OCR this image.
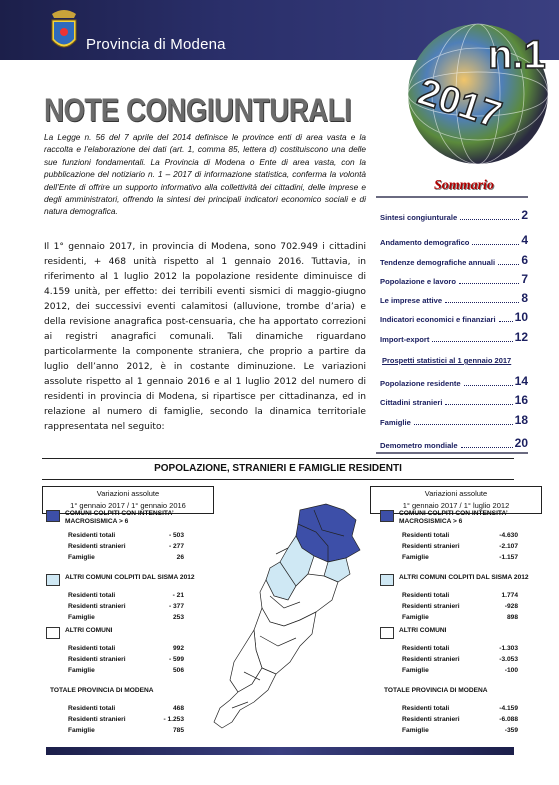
Provincia di Modena	n.1
2017
NOTE CONGIUNTURALI
La Legge n. 56 del 7 aprile del 2014 definisce le province enti di area vasta e la raccolta e l’elaborazione dei dati (art. 1, comma 85, lettera d) costituiscono una delle sue funzioni fondamentali. La Provincia di Modena o Ente di area vasta, con la pubblicazione del notiziario n. 1 – 2017 di informazione statistica, conferma la volontà dell’Ente di offrire un supporto informativo alla collettività dei cittadini, delle imprese e degli amministratori, offrendo la sintesi dei principali indicatori economico sociali e di natura demografica.
Il 1° gennaio 2017, in provincia di Modena, sono 702.949 i cittadini residenti, + 468 unità rispetto al 1 gennaio 2016. Tuttavia, in riferimento al 1 luglio 2012 la popolazione residente diminuisce di 4.159 unità, per effetto: dei terribili eventi sismici di maggio-giugno 2012, dei successivi eventi calamitosi (alluvione, trombe d’aria) e della revisione anagrafica post-censuaria, che ha apportato correzioni ai registri anagrafici comunali. Tali dinamiche riguardano particolarmente la componente straniera, che proprio a partire da luglio dell’anno 2012, è in costante diminuzione. Le variazioni assolute rispetto al 1 gennaio 2016 e al 1 luglio 2012 del numero di residenti in provincia di Modena, si ripartisce per cittadinanza, ed in relazione al numero di famiglie, secondo la dinamica territoriale rappresentata nel seguito:
Sommario
Sintesi congiunturale	2
Andamento demografico	4
Tendenze demografiche annuali 6
Popolazione e lavoro	7
Le imprese attive	8
Indicatori economici e finanziari 10
Import-export	12
Popolazione residente	14
Cittadini stranieri	16
Famiglie	18
Demometro mondiale	20
Prospetti statistici al 1 gennaio 2017
POPOLAZIONE, STRANIERI E FAMIGLIE RESIDENTI
Variazioni assolute
1° gennaio 2017 / 1° gennaio 2016
Variazioni assolute
1° gennaio 2017 / 1° luglio 2012
COMUNI COLPITI CON INTENSITA’
MACROSISMICA > 6
Residenti totali	- 503
Residenti stranieri	- 277
Famiglie	26
ALTRI COMUNI COLPITI DAL SISMA 2012
Residenti totali	- 21
Residenti stranieri	- 377
Famiglie	253
ALTRI COMUNI
Residenti totali	992
Residenti stranieri	- 599
Famiglie	506
TOTALE PROVINCIA DI MODENA
Residenti totali	468
Residenti stranieri	- 1.253
Famiglie	785
COMUNI COLPITI CON INTENSITA’
MACROSISMICA > 6
Residenti totali	-4.630
Residenti stranieri	-2.107
Famiglie	-1.157
ALTRI COMUNI COLPITI DAL SISMA 2012
Residenti totali	1.774
Residenti stranieri	-928
Famiglie	898
ALTRI COMUNI
Residenti totali	-1.303
Residenti stranieri	-3.053
Famiglie	-100
TOTALE PROVINCIA DI MODENA
Residenti totali	-4.159
Residenti stranieri	-6.088
Famiglie	-359
